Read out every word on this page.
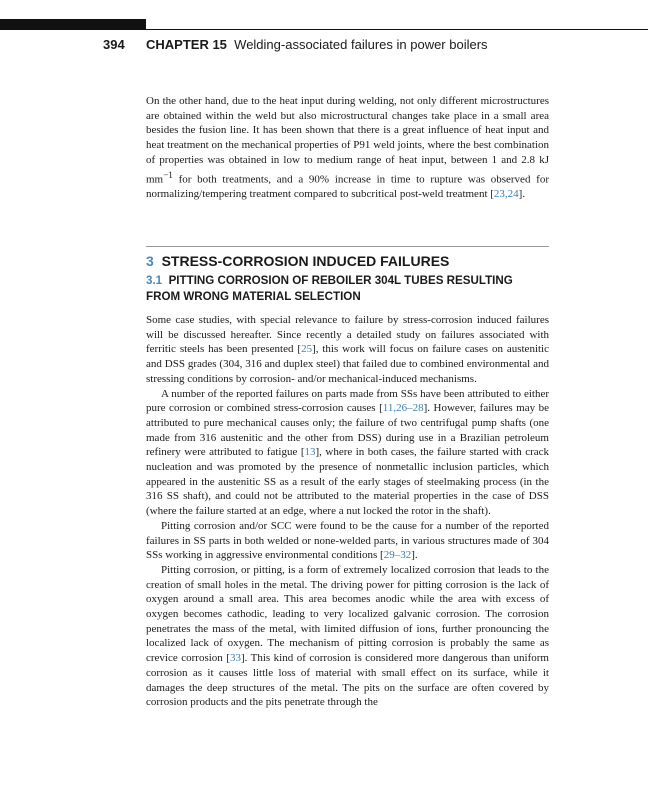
394 CHAPTER 15 Welding-associated failures in power boilers

On the other hand, due to the heat input during welding, not only different microstructures are obtained within the weld but also microstructural changes take place in a small area besides the fusion line. It has been shown that there is a great influence of heat input and heat treatment on the mechanical properties of P91 weld joints, where the best combination of properties was obtained in low to medium range of heat input, between 1 and 2.8 kJ $mm^{-1}$ for both treatments, and a 90% increase in time to rupture was observed for normalizing/tempering treatment compared to subcritical post-weld treatment [23,24].

3 STRESS-CORROSION INDUCED FAILURES
3.1 PITTING CORROSION OF REBOILER 304L TUBES RESULTING
FROM WRONG MATERIAL SELECTION

Some case studies, with special relevance to failure by stress-corrosion induced failures will be discussed hereafter. Since recently a detailed study on failures associated with ferritic steels has been presented [25], this work will focus on failure cases on austenitic and DSS grades (304, 316 and duplex steel) that failed due to combined environmental and stressing conditions by corrosion- and/or mechanical-induced mechanisms.

A number of the reported failures on parts made from SSs have been attributed to either pure corrosion or combined stress-corrosion causes [11,26–28]. However, failures may be attributed to pure mechanical causes only; the failure of two centrifugal pump shafts (one made from 316 austenitic and the other from DSS) during use in a Brazilian petroleum refinery were attributed to fatigue [13], where in both cases, the failure started with crack nucleation and was promoted by the presence of nonmetallic inclusion particles, which appeared in the austenitic SS as a result of the early stages of steelmaking process (in the 316 SS shaft), and could not be attributed to the material properties in the case of DSS (where the failure started at an edge, where a nut locked the rotor in the shaft).

Pitting corrosion and/or SCC were found to be the cause for a number of the reported failures in SS parts in both welded or none-welded parts, in various structures made of 304 SSs working in aggressive environmental conditions [29–32].

Pitting corrosion, or pitting, is a form of extremely localized corrosion that leads to the creation of small holes in the metal. The driving power for pitting corrosion is the lack of oxygen around a small area. This area becomes anodic while the area with excess of oxygen becomes cathodic, leading to very localized galvanic corrosion. The corrosion penetrates the mass of the metal, with limited diffusion of ions, further pronouncing the localized lack of oxygen. The mechanism of pitting corrosion is probably the same as crevice corrosion [33]. This kind of corrosion is considered more dangerous than uniform corrosion as it causes little loss of material with small effect on its surface, while it damages the deep structures of the metal. The pits on the surface are often covered by corrosion products and the pits penetrate through the
